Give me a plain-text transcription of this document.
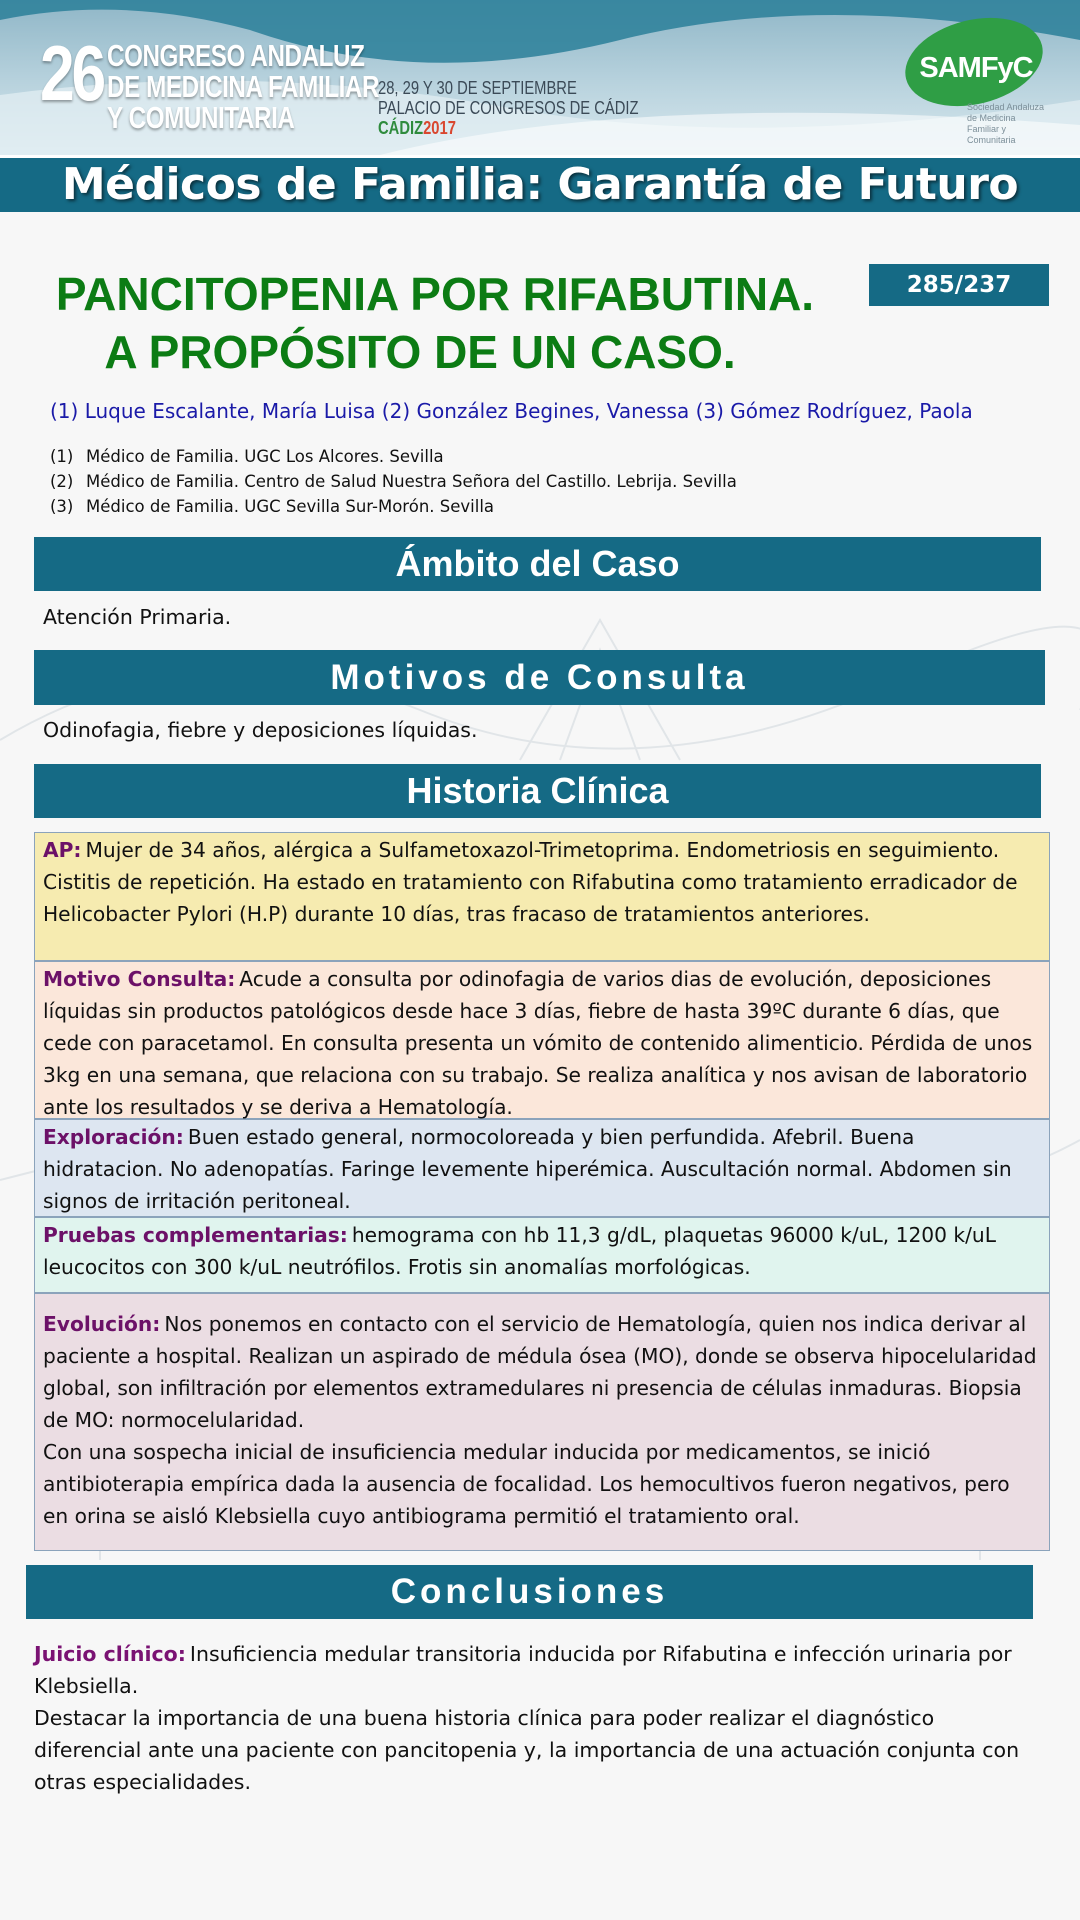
26 CONGRESO ANDALUZ
DE MEDICINA FAMILIAR
Y COMUNITARIA
28, 29 Y 30 DE SEPTIEMBRE
PALACIO DE CONGRESOS DE CÁDIZ
CÁDIZ2017
SAMFyC
Sociedad Andaluza de Medicina Familiar y Comunitaria
Médicos de Familia: Garantía de Futuro
PANCITOPENIA POR RIFABUTINA.
A PROPÓSITO DE UN CASO.
285/237
(1) Luque Escalante, María Luisa (2) González Begines, Vanessa (3) Gómez Rodríguez, Paola
(1) Médico de Familia. UGC Los Alcores. Sevilla
(2) Médico de Familia. Centro de Salud Nuestra Señora del Castillo. Lebrija. Sevilla
(3) Médico de Familia. UGC Sevilla Sur-Morón. Sevilla
Ámbito del Caso
Atención Primaria.
Motivos de Consulta
Odinofagia, fiebre y deposiciones líquidas.
Historia Clínica
AP: Mujer de 34 años, alérgica a Sulfametoxazol-Trimetoprima. Endometriosis en seguimiento. Cistitis de repetición. Ha estado en tratamiento con Rifabutina como tratamiento erradicador de Helicobacter Pylori (H.P) durante 10 días, tras fracaso de tratamientos anteriores.
Motivo Consulta: Acude a consulta por odinofagia de varios dias de evolución, deposiciones líquidas sin productos patológicos desde hace 3 días, fiebre de hasta 39ºC durante 6 días, que cede con paracetamol. En consulta presenta un vómito de contenido alimenticio. Pérdida de unos 3kg en una semana, que relaciona con su trabajo. Se realiza analítica y nos avisan de laboratorio ante los resultados y se deriva a Hematología.
Exploración: Buen estado general, normocoloreada y bien perfundida. Afebril. Buena hidratacion. No adenopatías. Faringe levemente hiperémica. Auscultación normal. Abdomen sin signos de irritación peritoneal.
Pruebas complementarias: hemograma con hb 11,3 g/dL, plaquetas 96000 k/uL, 1200 k/uL leucocitos con 300 k/uL neutrófilos. Frotis sin anomalías morfológicas.
Evolución: Nos ponemos en contacto con el servicio de Hematología, quien nos indica derivar al paciente a hospital. Realizan un aspirado de médula ósea (MO), donde se observa hipocelularidad global, son infiltración por elementos extramedulares ni presencia de células inmaduras. Biopsia de MO: normocelularidad.
Con una sospecha inicial de insuficiencia medular inducida por medicamentos, se inició antibioterapia empírica dada la ausencia de focalidad. Los hemocultivos fueron negativos, pero en orina se aisló Klebsiella cuyo antibiograma permitió el tratamiento oral.
Conclusiones
Juicio clínico: Insuficiencia medular transitoria inducida por Rifabutina e infección urinaria por Klebsiella.
Destacar la importancia de una buena historia clínica para poder realizar el diagnóstico diferencial ante una paciente con pancitopenia y, la importancia de una actuación conjunta con otras especialidades.
